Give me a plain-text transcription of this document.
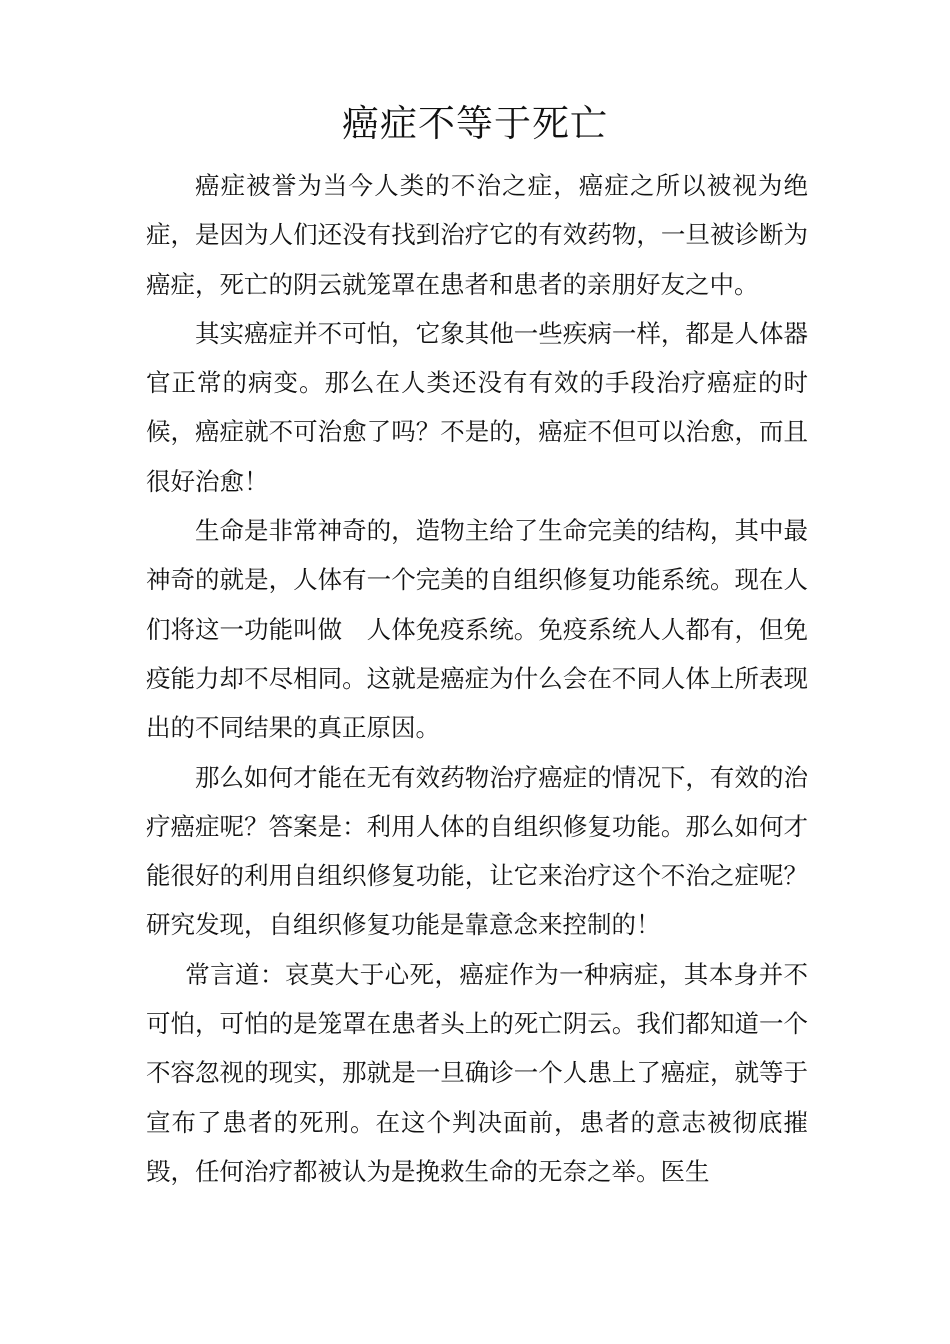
癌症不等于死亡

癌症被誉为当今人类的不治之症，癌症之所以被视为绝症，是因为人们还没有找到治疗它的有效药物，一旦被诊断为癌症，死亡的阴云就笼罩在患者和患者的亲朋好友之中。

其实癌症并不可怕，它象其他一些疾病一样，都是人体器官正常的病变。那么在人类还没有有效的手段治疗癌症的时候，癌症就不可治愈了吗？不是的，癌症不但可以治愈，而且很好治愈！

生命是非常神奇的，造物主给了生命完美的结构，其中最神奇的就是，人体有一个完美的自组织修复功能系统。现在人们将这一功能叫做　人体免疫系统。免疫系统人人都有，但免疫能力却不尽相同。这就是癌症为什么会在不同人体上所表现出的不同结果的真正原因。

那么如何才能在无有效药物治疗癌症的情况下，有效的治疗癌症呢？答案是：利用人体的自组织修复功能。那么如何才能很好的利用自组织修复功能，让它来治疗这个不治之症呢？研究发现，自组织修复功能是靠意念来控制的！

常言道：哀莫大于心死，癌症作为一种病症，其本身并不可怕，可怕的是笼罩在患者头上的死亡阴云。我们都知道一个不容忽视的现实，那就是一旦确诊一个人患上了癌症，就等于宣布了患者的死刑。在这个判决面前，患者的意志被彻底摧毁，任何治疗都被认为是挽救生命的无奈之举。医生
